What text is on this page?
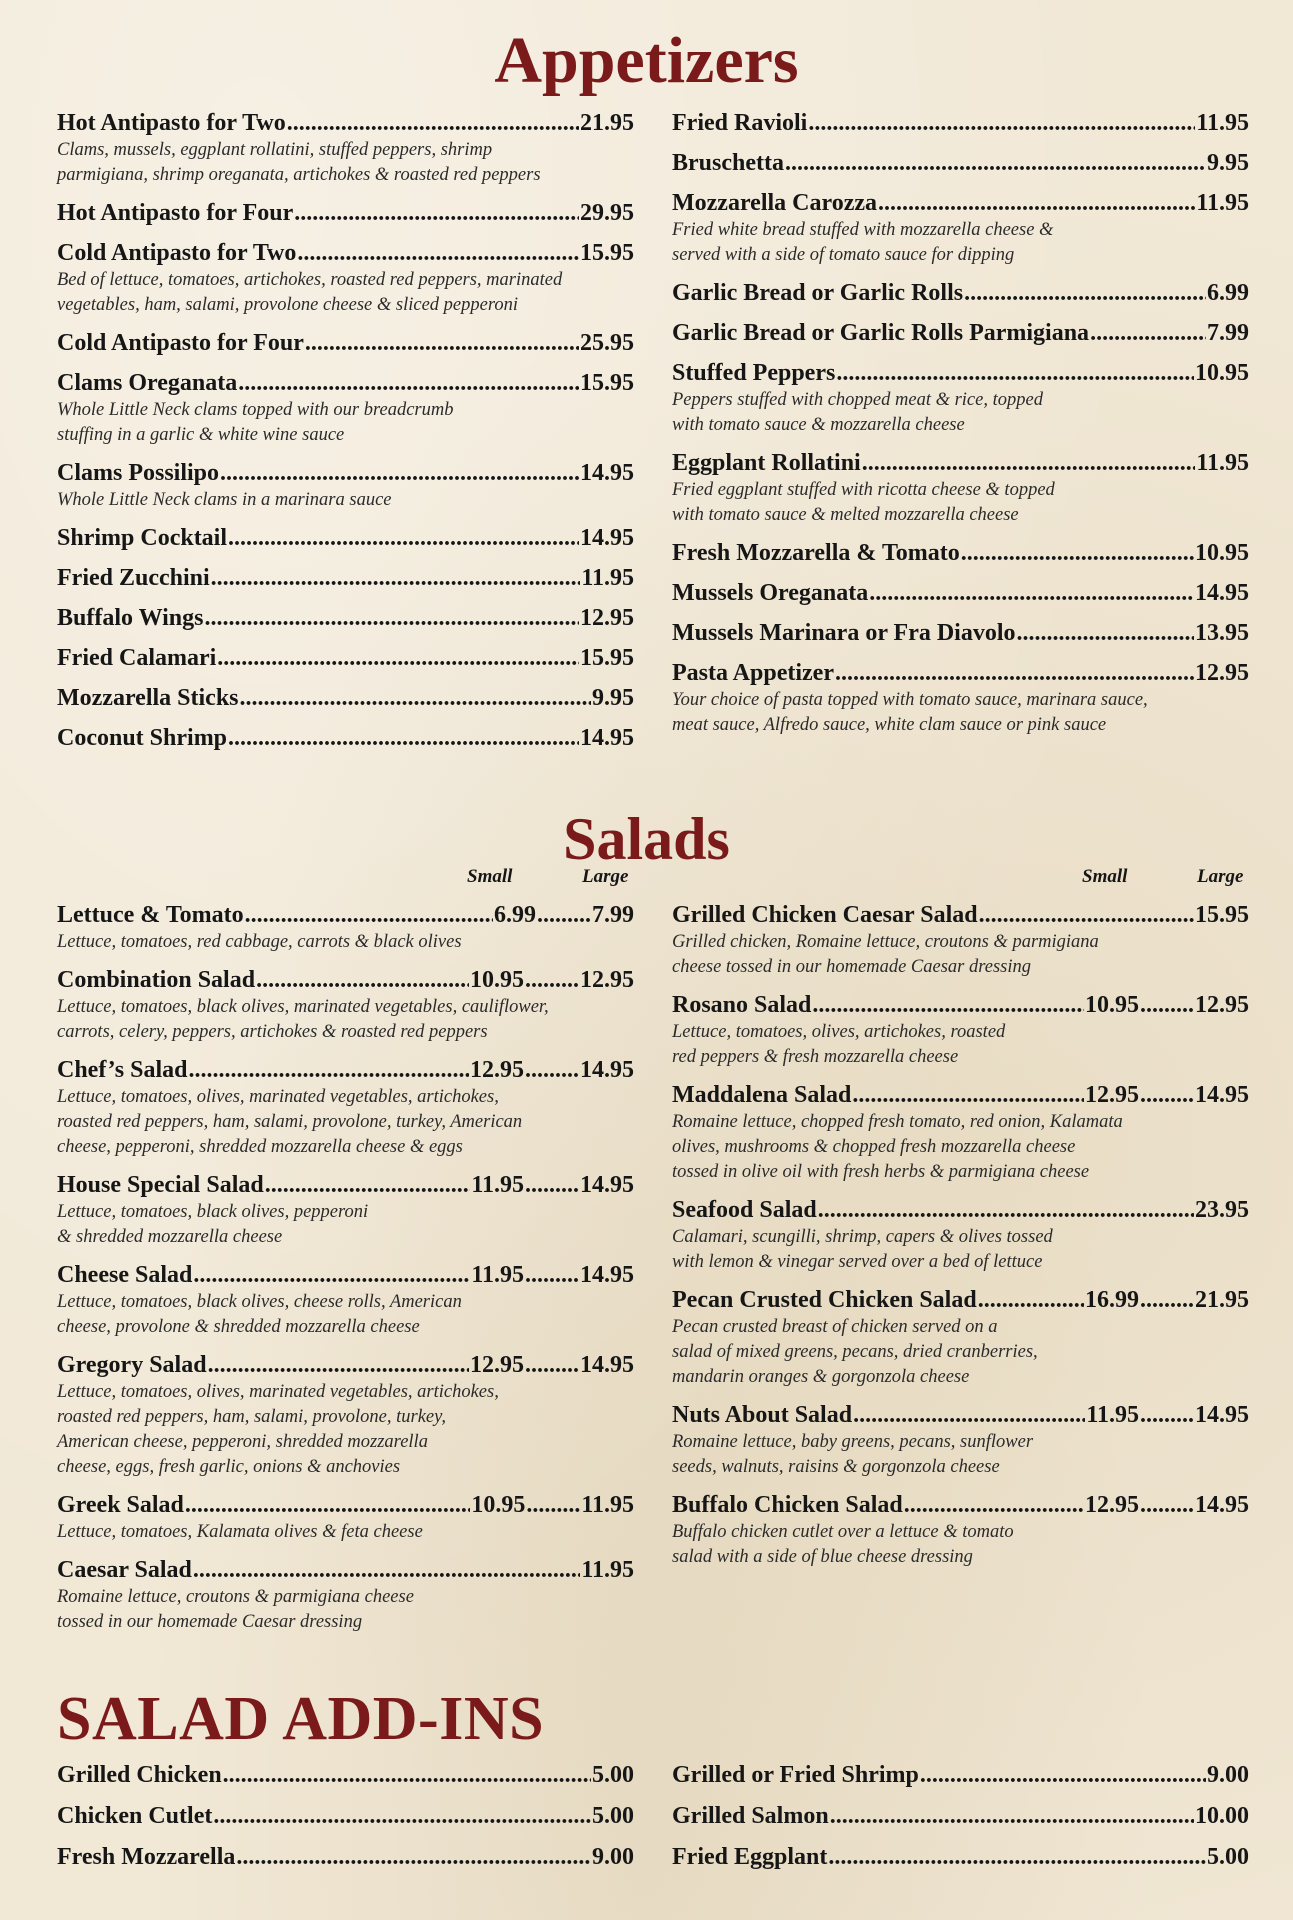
Appetizers
Hot Antipasto for Two .....	21.95
Clams, mussels, eggplant rollatini, stuffed peppers, shrimp
parmigiana, shrimp oreganata, artichokes & roasted red peppers
Hot Antipasto for Four .....	29.95
Cold Antipasto for Two .....	15.95
Bed of lettuce, tomatoes, artichokes, roasted red peppers, marinated
vegetables, ham, salami, provolone cheese & sliced pepperoni
Cold Antipasto for Four .....	25.95
Clams Oreganata .....	15.95
Whole Little Neck clams topped with our breadcrumb
stuffing in a garlic & white wine sauce
Clams Possilipo .....	14.95
Whole Little Neck clams in a marinara sauce
Shrimp Cocktail .....	14.95
Fried Zucchini .....	11.95
Buffalo Wings .....	12.95
Fried Calamari .....	15.95
Mozzarella Sticks .....	9.95
Coconut Shrimp .....	14.95
Fried Ravioli .....	11.95
Bruschetta .....	9.95
Mozzarella Carozza .....	11.95
Fried white bread stuffed with mozzarella cheese &
served with a side of tomato sauce for dipping
Garlic Bread or Garlic Rolls .....	6.99
Garlic Bread or Garlic Rolls Parmigiana .....	7.99
Stuffed Peppers .....	10.95
Peppers stuffed with chopped meat & rice, topped
with tomato sauce & mozzarella cheese
Eggplant Rollatini .....	11.95
Fried eggplant stuffed with ricotta cheese & topped
with tomato sauce & melted mozzarella cheese
Fresh Mozzarella & Tomato .....	10.95
Mussels Oreganata .....	14.95
Mussels Marinara or Fra Diavolo .....	13.95
Pasta Appetizer .....	12.95
Your choice of pasta topped with tomato sauce, marinara sauce,
meat sauce, Alfredo sauce, white clam sauce or pink sauce
Salads
Small	Large	Small	Large
Lettuce & Tomato .....	6.99 ..... 7.99
Lettuce, tomatoes, red cabbage, carrots & black olives
Combination Salad .....	10.95 ..... 12.95
Lettuce, tomatoes, black olives, marinated vegetables, cauliflower,
carrots, celery, peppers, artichokes & roasted red peppers
Chef’s Salad .....	12.95 ..... 14.95
Lettuce, tomatoes, olives, marinated vegetables, artichokes,
roasted red peppers, ham, salami, provolone, turkey, American
cheese, pepperoni, shredded mozzarella cheese & eggs
House Special Salad .....	11.95 ..... 14.95
Lettuce, tomatoes, black olives, pepperoni
& shredded mozzarella cheese
Cheese Salad .....	11.95 ..... 14.95
Lettuce, tomatoes, black olives, cheese rolls, American
cheese, provolone & shredded mozzarella cheese
Gregory Salad .....	12.95 ..... 14.95
Lettuce, tomatoes, olives, marinated vegetables, artichokes,
roasted red peppers, ham, salami, provolone, turkey,
American cheese, pepperoni, shredded mozzarella
cheese, eggs, fresh garlic, onions & anchovies
Greek Salad .....	10.95 ..... 11.95
Lettuce, tomatoes, Kalamata olives & feta cheese
Caesar Salad .....	11.95
Romaine lettuce, croutons & parmigiana cheese
tossed in our homemade Caesar dressing
Grilled Chicken Caesar Salad .....	15.95
Grilled chicken, Romaine lettuce, croutons & parmigiana
cheese tossed in our homemade Caesar dressing
Rosano Salad .....	10.95 ..... 12.95
Lettuce, tomatoes, olives, artichokes, roasted
red peppers & fresh mozzarella cheese
Maddalena Salad .....	12.95 ..... 14.95
Romaine lettuce, chopped fresh tomato, red onion, Kalamata
olives, mushrooms & chopped fresh mozzarella cheese
tossed in olive oil with fresh herbs & parmigiana cheese
Seafood Salad .....	23.95
Calamari, scungilli, shrimp, capers & olives tossed
with lemon & vinegar served over a bed of lettuce
Pecan Crusted Chicken Salad .....	16.99 ..... 21.95
Pecan crusted breast of chicken served on a
salad of mixed greens, pecans, dried cranberries,
mandarin oranges & gorgonzola cheese
Nuts About Salad .....	11.95 ..... 14.95
Romaine lettuce, baby greens, pecans, sunflower
seeds, walnuts, raisins & gorgonzola cheese
Buffalo Chicken Salad .....	12.95 ..... 14.95
Buffalo chicken cutlet over a lettuce & tomato
salad with a side of blue cheese dressing
SALAD ADD-INS
Grilled Chicken .....	5.00
Chicken Cutlet .....	5.00
Fresh Mozzarella .....	9.00
Grilled or Fried Shrimp .....	9.00
Grilled Salmon .....	10.00
Fried Eggplant .....	5.00
